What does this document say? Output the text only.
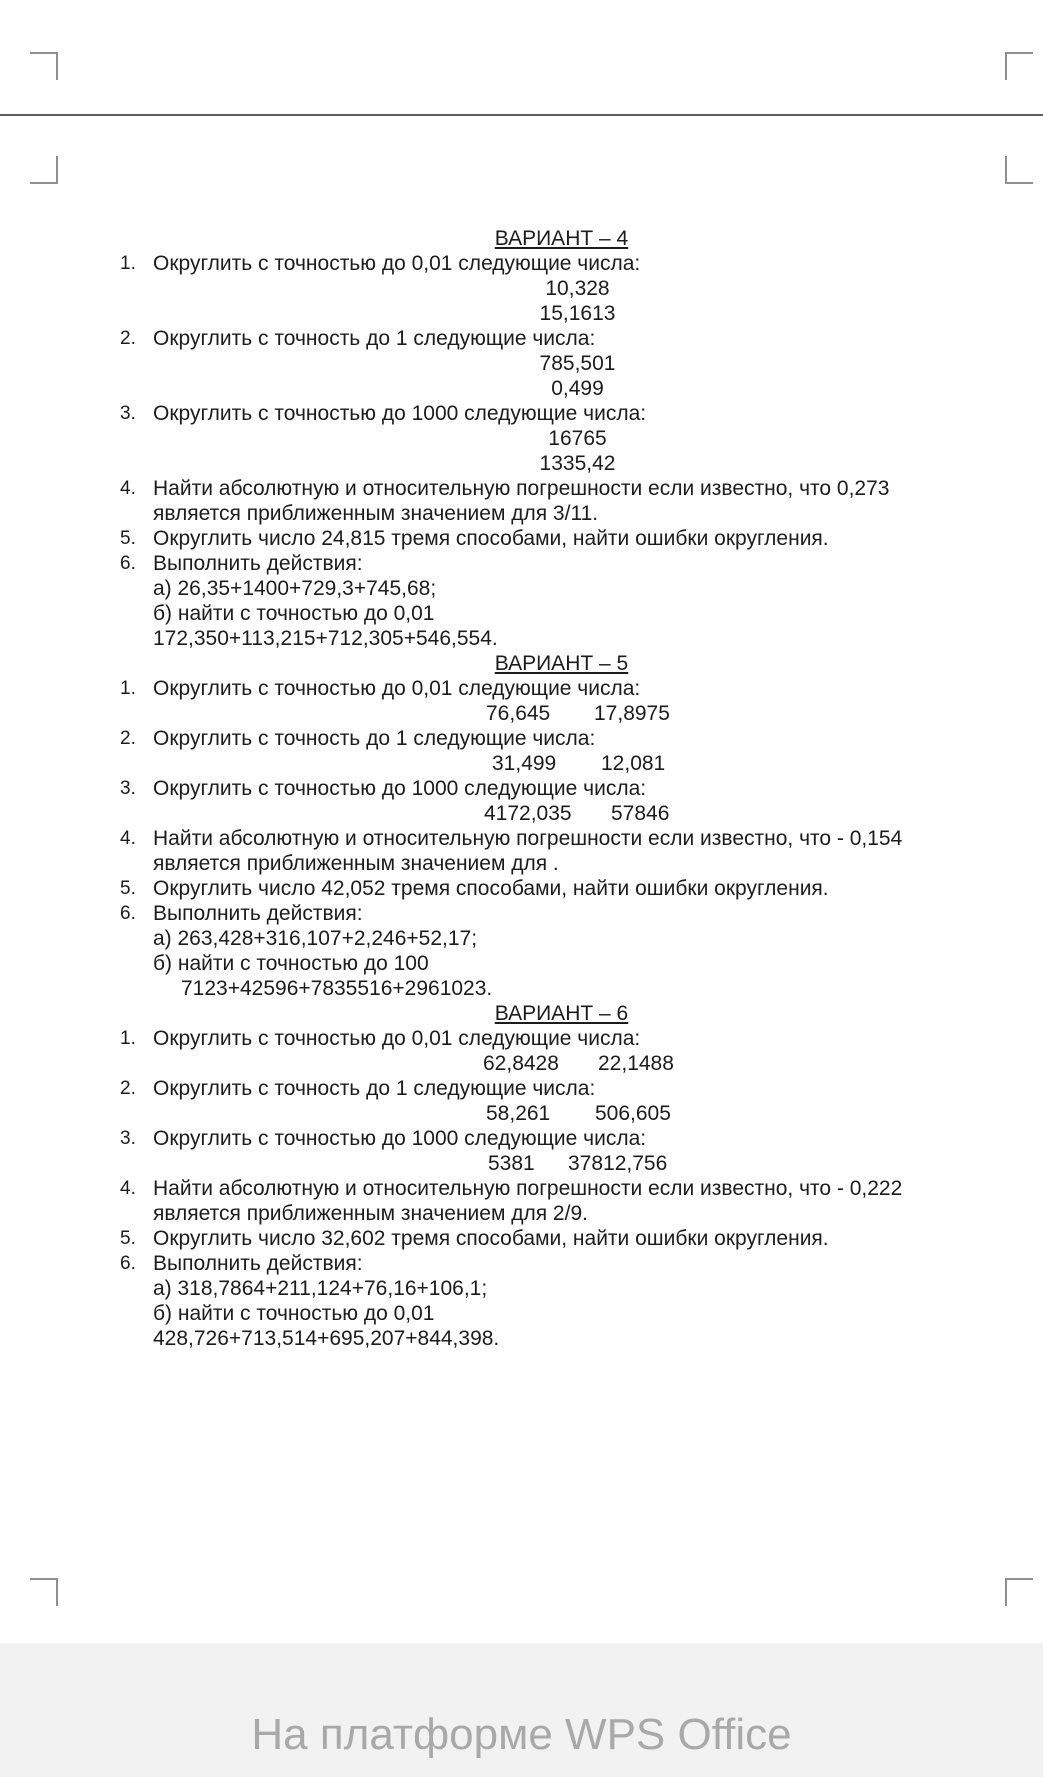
ВАРИАНТ – 4
1. Округлить с точностью до 0,01 следующие числа:
10,328
15,1613
2. Округлить с точность до 1 следующие числа:
785,501
0,499
3. Округлить с точностью до 1000 следующие числа:
16765
1335,42
4. Найти абсолютную и относительную погрешности если известно, что 0,273
является приближенным значением для 3/11.
5. Округлить число 24,815 тремя способами, найти ошибки округления.
6. Выполнить действия:
а) 26,35+1400+729,3+745,68;
б) найти с точностью до 0,01
172,350+113,215+712,305+546,554.
ВАРИАНТ – 5
1. Округлить с точностью до 0,01 следующие числа:
76,645 17,8975
2. Округлить с точность до 1 следующие числа:
31,499 12,081
3. Округлить с точностью до 1000 следующие числа:
4172,035 57846
4. Найти абсолютную и относительную погрешности если известно, что - 0,154
является приближенным значением для .
5. Округлить число 42,052 тремя способами, найти ошибки округления.
6. Выполнить действия:
а) 263,428+316,107+2,246+52,17;
б) найти с точностью до 100
7123+42596+7835516+2961023.
ВАРИАНТ – 6
1. Округлить с точностью до 0,01 следующие числа:
62,8428 22,1488
2. Округлить с точность до 1 следующие числа:
58,261 506,605
3. Округлить с точностью до 1000 следующие числа:
5381 37812,756
4. Найти абсолютную и относительную погрешности если известно, что - 0,222
является приближенным значением для 2/9.
5. Округлить число 32,602 тремя способами, найти ошибки округления.
6. Выполнить действия:
а) 318,7864+211,124+76,16+106,1;
б) найти с точностью до 0,01
428,726+713,514+695,207+844,398.
На платформе WPS Office
